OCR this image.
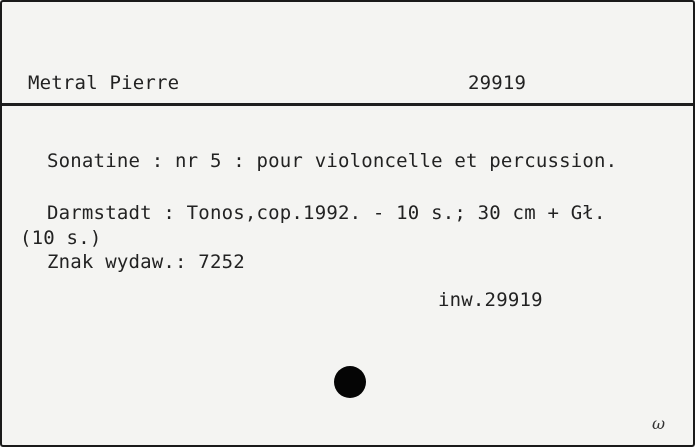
Metral Pierre	29919
Sonatine : nr 5 : pour violoncelle et percussion.
Darmstadt : Tonos,cop.1992. - 10 s.; 30 cm + Gł.
(10 s.)
Znak wydaw.: 7252
inw.29919
ω
